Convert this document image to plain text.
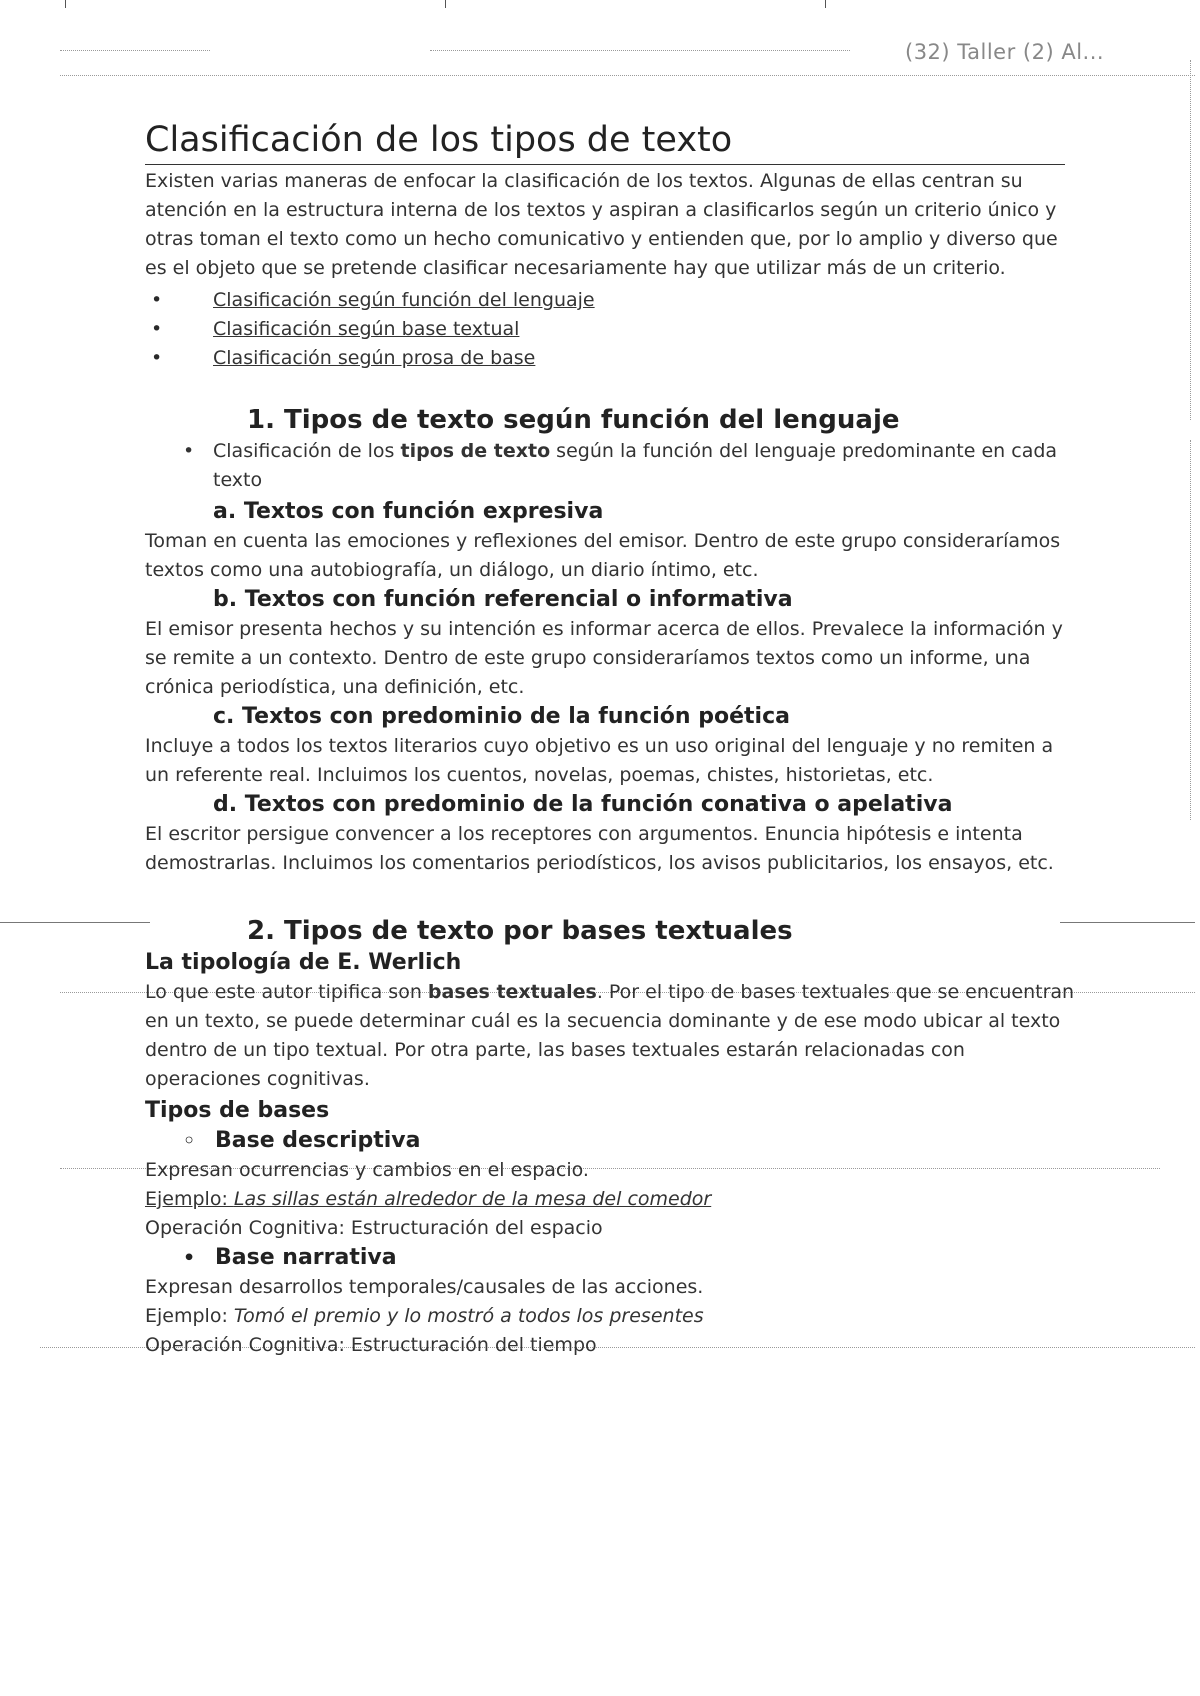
(32) Taller (2) Al...
Clasificación de los tipos de texto

Existen varias maneras de enfocar la clasificación de los textos. Algunas de ellas centran su atención en la estructura interna de los textos y aspiran a clasificarlos según un criterio único y otras toman el texto como un hecho comunicativo y entienden que, por lo amplio y diverso que es el objeto que se pretende clasificar necesariamente hay que utilizar más de un criterio.

•	Clasificación según función del lenguaje
•	Clasificación según base textual
•	Clasificación según prosa de base
1. Tipos de texto según función del lenguaje
• Clasificación de los tipos de texto según la función del lenguaje predominante en cada texto
a. Textos con función expresiva

Toman en cuenta las emociones y reflexiones del emisor. Dentro de este grupo consideraríamos textos como una autobiografía, un diálogo, un diario íntimo, etc.

b. Textos con función referencial o informativa

El emisor presenta hechos y su intención es informar acerca de ellos. Prevalece la información y se remite a un contexto. Dentro de este grupo consideraríamos textos como un informe, una crónica periodística, una definición, etc.

c. Textos con predominio de la función poética

Incluye a todos los textos literarios cuyo objetivo es un uso original del lenguaje y no remiten a un referente real. Incluimos los cuentos, novelas, poemas, chistes, historietas, etc.

d. Textos con predominio de la función conativa o apelativa

El escritor persigue convencer a los receptores con argumentos. Enuncia hipótesis e intenta demostrarlas. Incluimos los comentarios periodísticos, los avisos publicitarios, los ensayos, etc.

2. Tipos de texto por bases textuales
La tipología de E. Werlich

Lo que este autor tipifica son bases textuales. Por el tipo de bases textuales que se encuentran en un texto, se puede determinar cuál es la secuencia dominante y de ese modo ubicar al texto dentro de un tipo textual. Por otra parte, las bases textuales estarán relacionadas con operaciones cognitivas.

Tipos de bases
◦ Base descriptiva

Expresan ocurrencias y cambios en el espacio.

Ejemplo: Las sillas están alrededor de la mesa del comedor

Operación Cognitiva: Estructuración del espacio

• Base narrativa

Expresan desarrollos temporales/causales de las acciones.

Ejemplo: Tomó el premio y lo mostró a todos los presentes

Operación Cognitiva: Estructuración del tiempo
